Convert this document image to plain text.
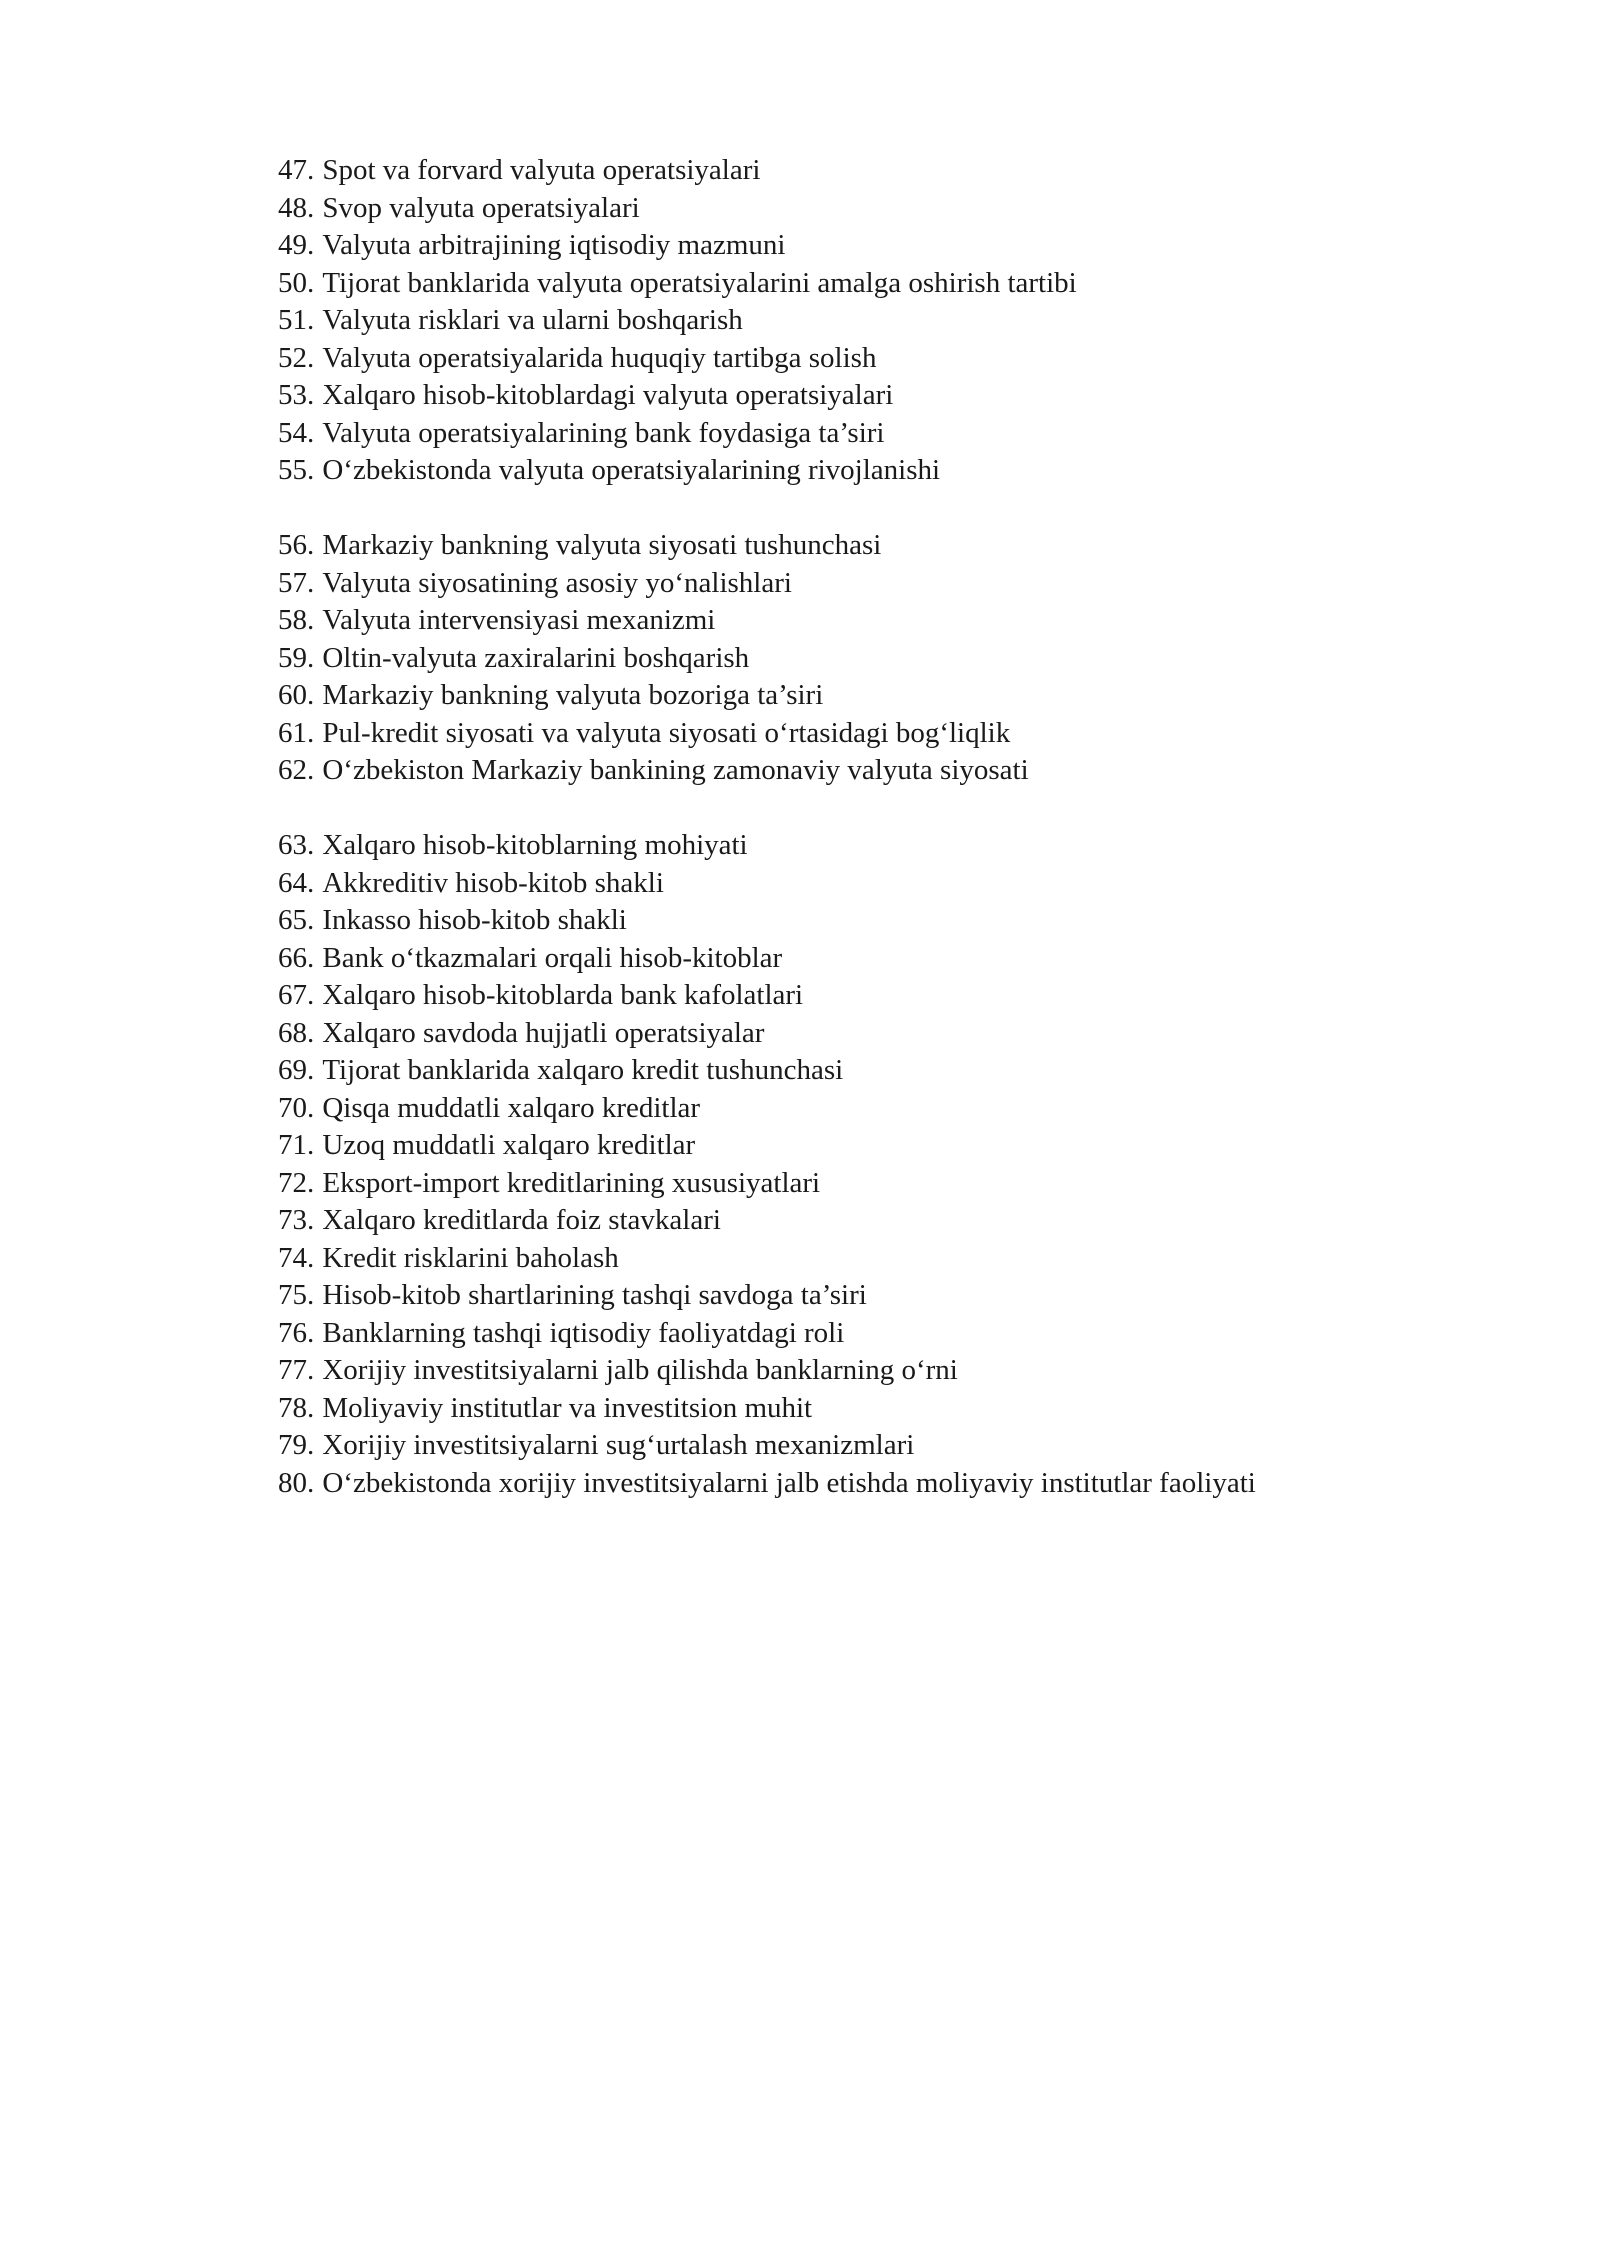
47. Spot va forvard valyuta operatsiyalari
48. Svop valyuta operatsiyalari
49. Valyuta arbitrajining iqtisodiy mazmuni
50. Tijorat banklarida valyuta operatsiyalarini amalga oshirish tartibi
51. Valyuta risklari va ularni boshqarish
52. Valyuta operatsiyalarida huquqiy tartibga solish
53. Xalqaro hisob-kitoblardagi valyuta operatsiyalari
54. Valyuta operatsiyalarining bank foydasiga ta’siri
55. O‘zbekistonda valyuta operatsiyalarining rivojlanishi
56. Markaziy bankning valyuta siyosati tushunchasi
57. Valyuta siyosatining asosiy yo‘nalishlari
58. Valyuta intervensiyasi mexanizmi
59. Oltin-valyuta zaxiralarini boshqarish
60. Markaziy bankning valyuta bozoriga ta’siri
61. Pul-kredit siyosati va valyuta siyosati o‘rtasidagi bog‘liqlik
62. O‘zbekiston Markaziy bankining zamonaviy valyuta siyosati
63. Xalqaro hisob-kitoblarning mohiyati
64. Akkreditiv hisob-kitob shakli
65. Inkasso hisob-kitob shakli
66. Bank o‘tkazmalari orqali hisob-kitoblar
67. Xalqaro hisob-kitoblarda bank kafolatlari
68. Xalqaro savdoda hujjatli operatsiyalar
69. Tijorat banklarida xalqaro kredit tushunchasi
70. Qisqa muddatli xalqaro kreditlar
71. Uzoq muddatli xalqaro kreditlar
72. Eksport-import kreditlarining xususiyatlari
73. Xalqaro kreditlarda foiz stavkalari
74. Kredit risklarini baholash
75. Hisob-kitob shartlarining tashqi savdoga ta’siri
76. Banklarning tashqi iqtisodiy faoliyatdagi roli
77. Xorijiy investitsiyalarni jalb qilishda banklarning o‘rni
78. Moliyaviy institutlar va investitsion muhit
79. Xorijiy investitsiyalarni sug‘urtalash mexanizmlari
80. O‘zbekistonda xorijiy investitsiyalarni jalb etishda moliyaviy institutlar faoliyati
